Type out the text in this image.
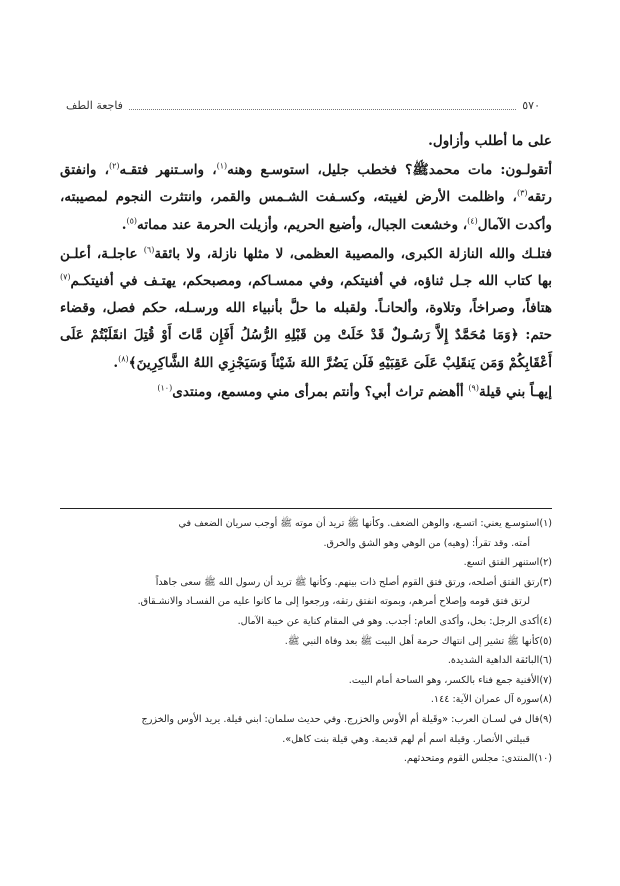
٥٧٠
فاجعة الطف

على ما أطلب وأزاول.

أتقولـون: مات محمدﷺ؟ فخطب جليل، استوسـع وهنه$^{(١)}$، واسـتنهر فتقـه$^{(٢)}$، وانفتق رتقه$^{(٣)}$، واظلمت الأرض لغيبته، وكسـفت الشـمس والقمر، وانتثرت النجوم لمصيبته، وأكدت الآمال$^{(٤)}$، وخشعت الجبال، وأضيع الحريم، وأزيلت الحرمة عند مماته$^{(٥)}$.

فتلـك والله النازلة الكبرى، والمصيبة العظمى، لا مثلها نازلة، ولا بائقة$^{(٦)}$ عاجلـة، أعلـن بها كتاب الله جـل ثناؤه، في أفنيتكم، وفي ممسـاكم، ومصبحكم، يهتـف في أفنيتكـم$^{(٧)}$ هتافاً، وصراخاً، وتلاوة، وألحانـاً. ولقبله ما حلَّ بأنبياء الله ورسـله، حكم فصل، وقضاء حتم: ﴿وَمَا مُحَمَّدٌ إِلاَّ رَسُـولٌ قَدْ خَلَتْ مِن قَبْلِهِ الرُّسُلُ أَفَإِن مَّاتَ أَوْ قُتِلَ انقَلَبْتُمْ عَلَى أَعْقَابِكُمْ وَمَن يَنقَلِبْ عَلَىَ عَقِبَيْهِ فَلَن يَضُرَّ اللهَ شَيْئاً وَسَيَجْزِي اللهُ الشَّاكِرِينَ﴾$^{(٨)}$.

إيهـاً بني قيلة$^{(٩)}$ أأهضم تراث أبي؟ وأنتم بمرأى مني ومسمع، ومنتدى$^{(١٠)}$

(١)استوسـع يعني: اتسـع، والوهن الضعف. وكأنها ﷺ تريد أن موته ﷺ أوجب سريان الضعف في
أمته. وقد تقرأ: (وهيه) من الوهي وهو الشق والخرق.

(٢)استنهر الفتق اتسع.

(٣)رتق الفتق أصلحه، ورتق فتق القوم أصلح ذات بينهم. وكأنها ﷺ تريد أن رسول الله ﷺ سعى جاهداً
لرتق فتق قومه وإصلاح أمرهم، وبموته انفتق رتقه، ورجعوا إلى ما كانوا عليه من الفسـاد والانشـقاق.

(٤)أكدى الرجل: بخل، وأكدى العام: أجدب. وهو في المقام كناية عن خيبة الآمال.

(٥)كأنها ﷺ تشير إلى انتهاك حرمة أهل البيت ﷺ بعد وفاة النبي ﷺ.

(٦)البائقة الداهية الشديدة.

(٧)الأفنية جمع فناء بالكسر، وهو الساحة أمام البيت.

(٨)سورة آل عمران الآية: ١٤٤.

(٩)قال في لسـان العرب: «وقَيلة أم الأوس والخزرج. وفي حديث سلمان: ابني قيلة. يريد الأوس والخزرج
قبيلتي الأنصار. وقيلة اسم أم لهم قديمة. وهي قيلة بنت كاهل».

(١٠)المنتدى: مجلس القوم ومتحدثهم.
